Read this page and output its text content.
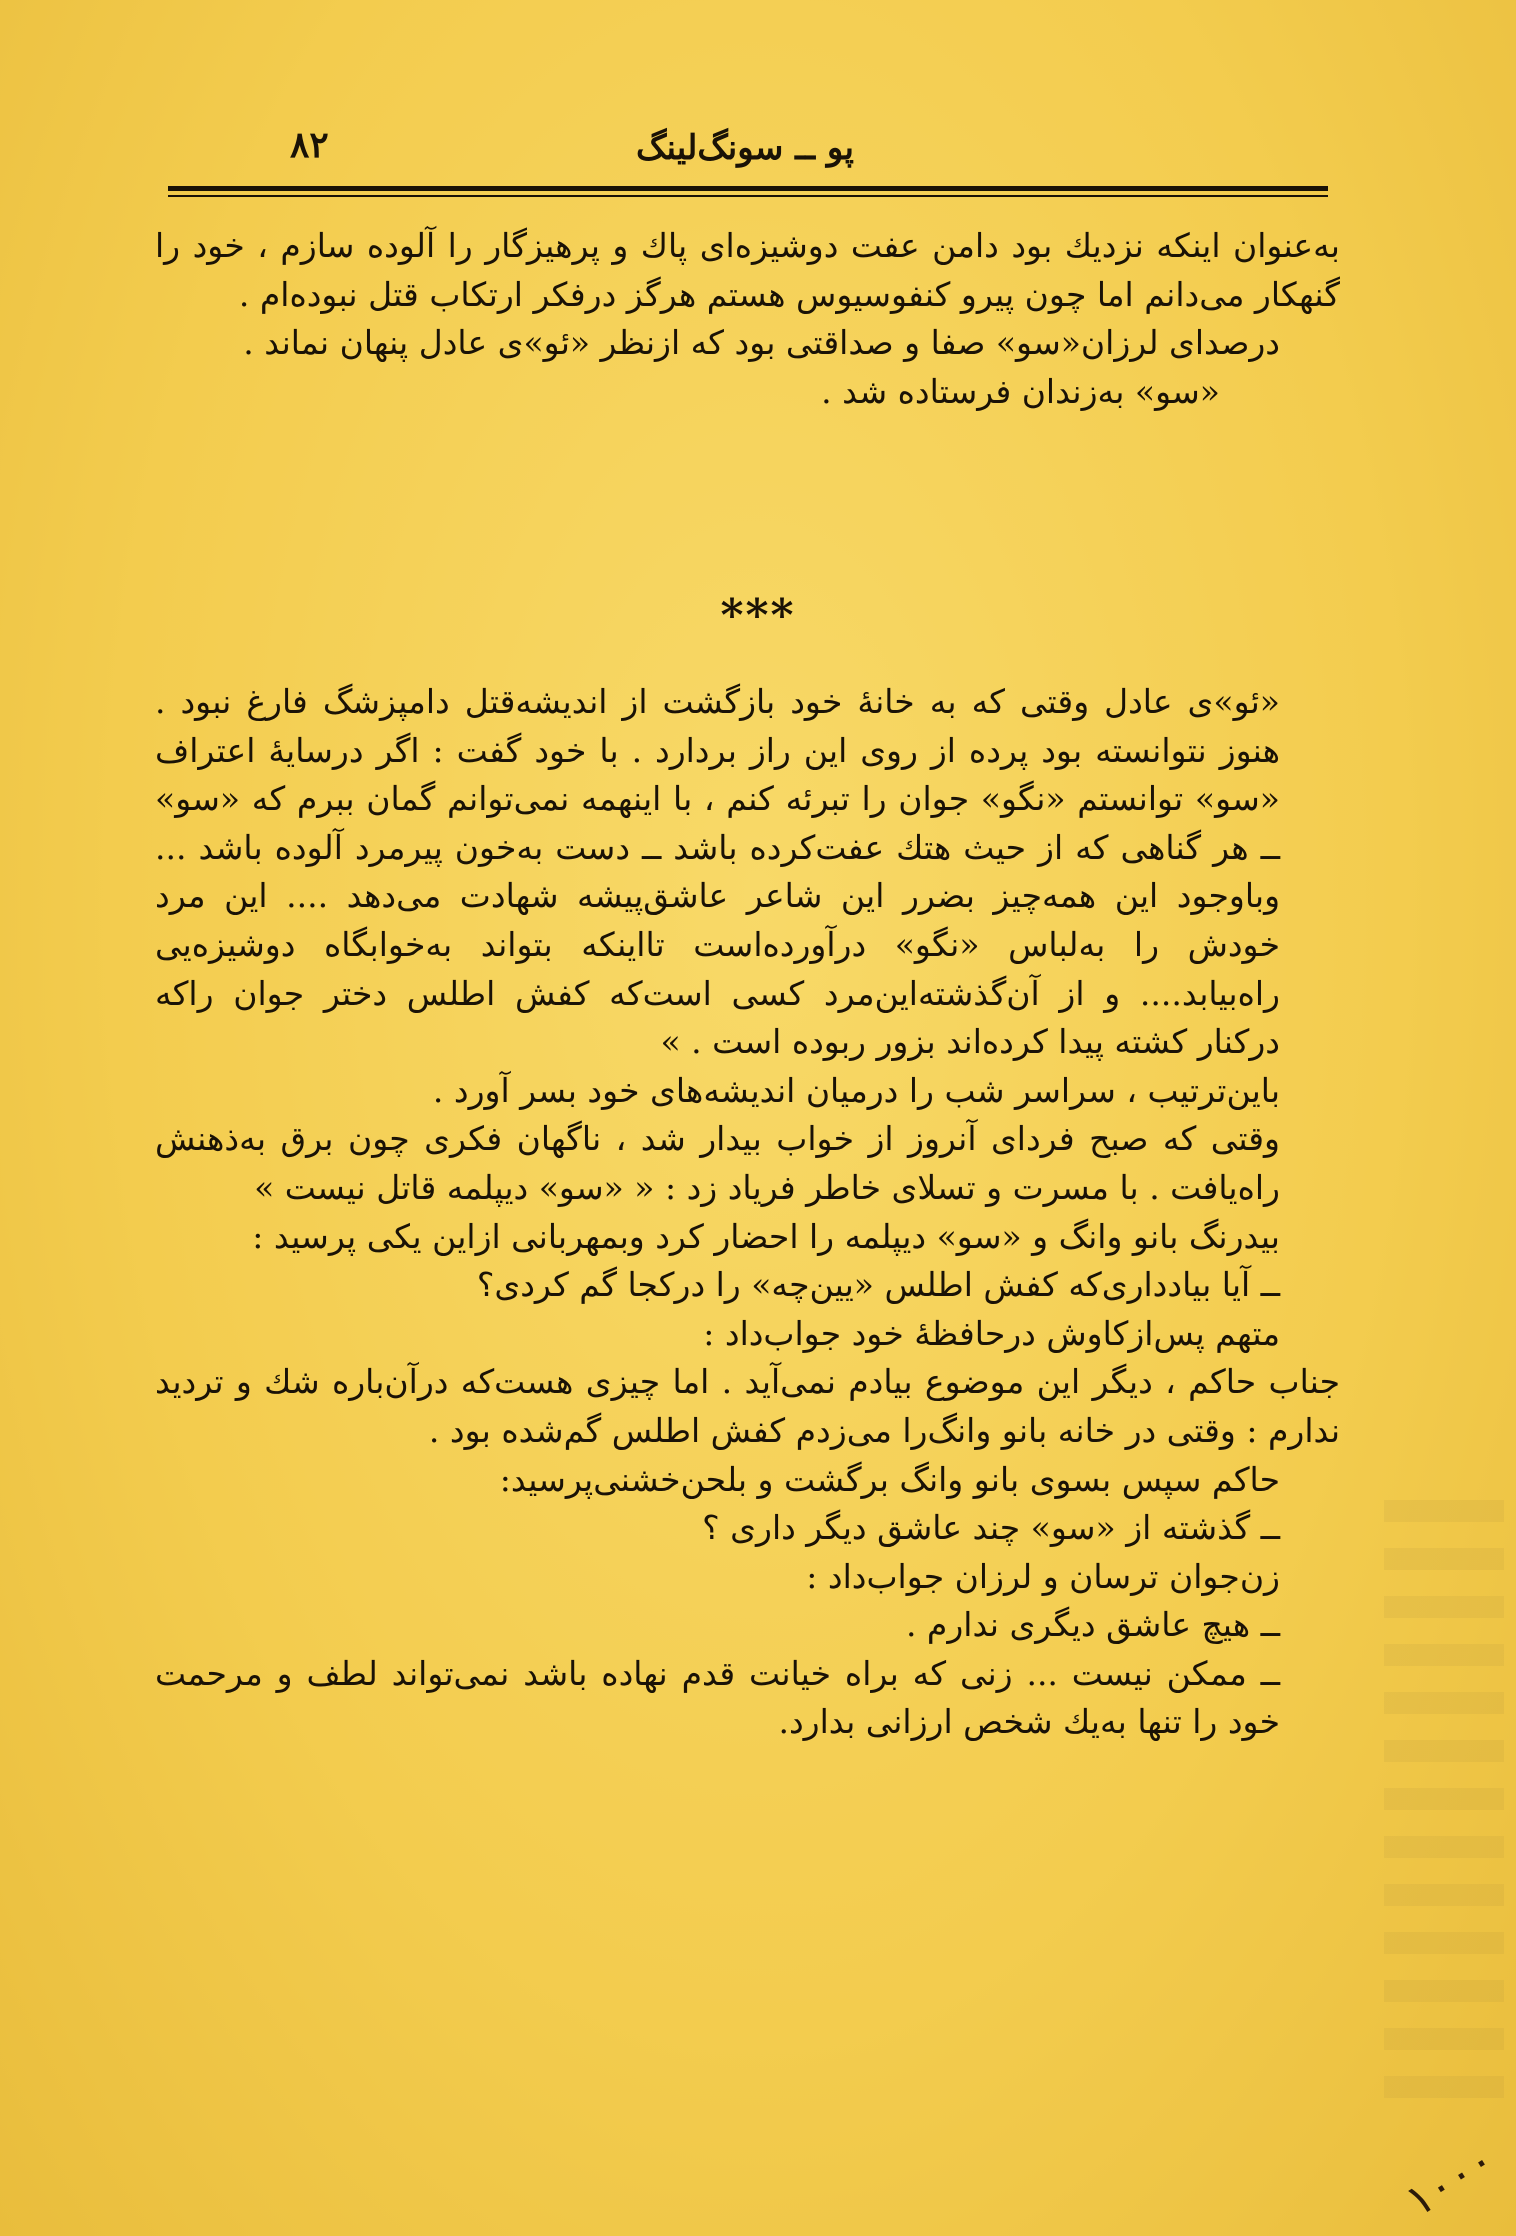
۸۲	پو ــ سونگ‌لینگ

به‌عنوان اینکه نزدیك بود دامن عفت دوشیزه‌ای پاك و پرهیزگار را آلوده سازم ، خود را گنهکار می‌دانم اما چون پیرو کنفوسیوس هستم هرگز درفکر ارتکاب قتل نبوده‌ام .

درصدای لرزان«سو» صفا و صداقتی بود که ازنظر «ئو»ی عادل پنهان نماند .

«سو» به‌زندان فرستاده شد .

***

«ئو»ی عادل وقتی که به خانهٔ خود بازگشت از اندیشه‌قتل دامپزشگ فارغ نبود . هنوز نتوانسته بود پرده از روی این راز بردارد . با خود گفت : اگر درسایهٔ اعتراف «سو» توانستم «نگو» جوان را تبرئه کنم ، با اینهمه نمی‌توانم گمان ببرم که «سو» ــ هر گناهی که از حیث هتك عفت‌کرده باشد ــ دست به‌خون پیرمرد آلوده باشد ... وباوجود این همه‌چیز بضرر این شاعر عاشق‌پیشه شهادت می‌دهد .... این مرد خودش را به‌لباس «نگو» درآورده‌است تااینکه بتواند به‌خوابگاه دوشیزه‌یی راه‌بیابد.... و از آن‌گذشته‌این‌مرد کسی است‌که کفش اطلس دختر جوان راکه درکنار کشته پیدا کرده‌اند بزور ربوده است . »

باین‌ترتیب ، سراسر شب را درمیان اندیشه‌های خود بسر آورد .

وقتی که صبح فردای آنروز از خواب بیدار شد ، ناگهان فکری چون برق به‌ذهنش راه‌یافت . با مسرت و تسلای خاطر فریاد زد : « «سو» دیپلمه قاتل نیست »

بیدرنگ بانو وانگ و «سو» دیپلمه را احضار کرد وبمهربانی ازاین یکی پرسید :

ــ آیا بیادداری‌که کفش اطلس «یین‌چه» را درکجا گم کردی؟

متهم پس‌ازکاوش درحافظهٔ خود جواب‌داد :

جناب حاکم ، دیگر این موضوع بیادم نمی‌آید . اما چیزی هست‌که درآن‌باره شك و تردید ندارم : وقتی در خانه بانو وانگ‌را می‌زدم کفش اطلس گم‌شده بود .

حاکم سپس بسوی بانو وانگ برگشت و بلحن‌خشنی‌پرسید:

ــ گذشته از «سو» چند عاشق دیگر داری ؟

زن‌جوان ترسان و لرزان جواب‌داد :

ــ هیچ عاشق دیگری ندارم .

ــ ممکن نیست ... زنی که براه خیانت قدم نهاده باشد نمی‌تواند لطف و مرحمت خود را تنها به‌یك شخص ارزانی بدارد.

۱۰۰۰
